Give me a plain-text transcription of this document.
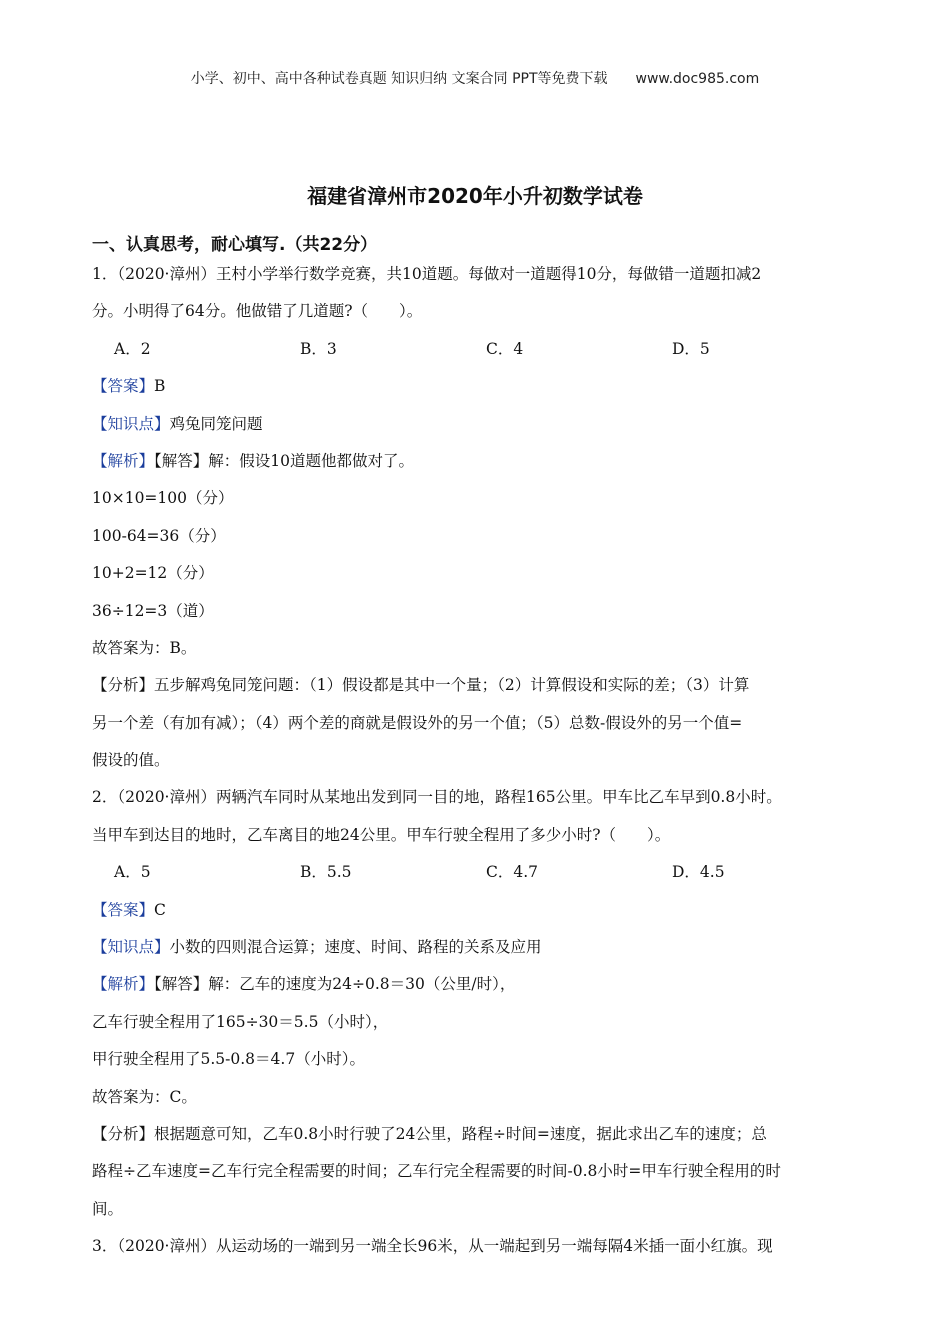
小学、初中、高中各种试卷真题 知识归纳 文案合同 PPT等免费下载 www.doc985.com
福建省漳州市2020年小升初数学试卷
一、认真思考，耐心填写.（共22分）
1．（2020·漳州）王村小学举行数学竞赛，共10道题。每做对一道题得10分，每做错一道题扣减2
分。小明得了64分。他做错了几道题?（　　）。
A．2	B．3	C．4	D．5
【答案】B
【知识点】鸡兔同笼问题
【解析】【解答】解：假设10道题他都做对了。
10×10=100（分）
100-64=36（分）
10+2=12（分）
36÷12=3（道）
故答案为：B。
【分析】五步解鸡兔同笼问题：（1）假设都是其中一个量；（2）计算假设和实际的差；（3）计算
另一个差（有加有减）；（4）两个差的商就是假设外的另一个值；（5）总数-假设外的另一个值=
假设的值。
2．（2020·漳州）两辆汽车同时从某地出发到同一目的地，路程165公里。甲车比乙车早到0.8小时。
当甲车到达目的地时，乙车离目的地24公里。甲车行驶全程用了多少小时?（　　）。
A．5	B．5.5	C．4.7	D．4.5
【答案】C
【知识点】小数的四则混合运算；速度、时间、路程的关系及应用
【解析】【解答】解：乙车的速度为24÷0.8＝30（公里/时），
乙车行驶全程用了165÷30＝5.5（小时），
甲行驶全程用了5.5-0.8＝4.7（小时）。
故答案为：C。
【分析】根据题意可知，乙车0.8小时行驶了24公里，路程÷时间=速度，据此求出乙车的速度；总
路程÷乙车速度=乙车行完全程需要的时间；乙车行完全程需要的时间-0.8小时=甲车行驶全程用的时
间。
3．（2020·漳州）从运动场的一端到另一端全长96米，从一端起到另一端每隔4米插一面小红旗。现
